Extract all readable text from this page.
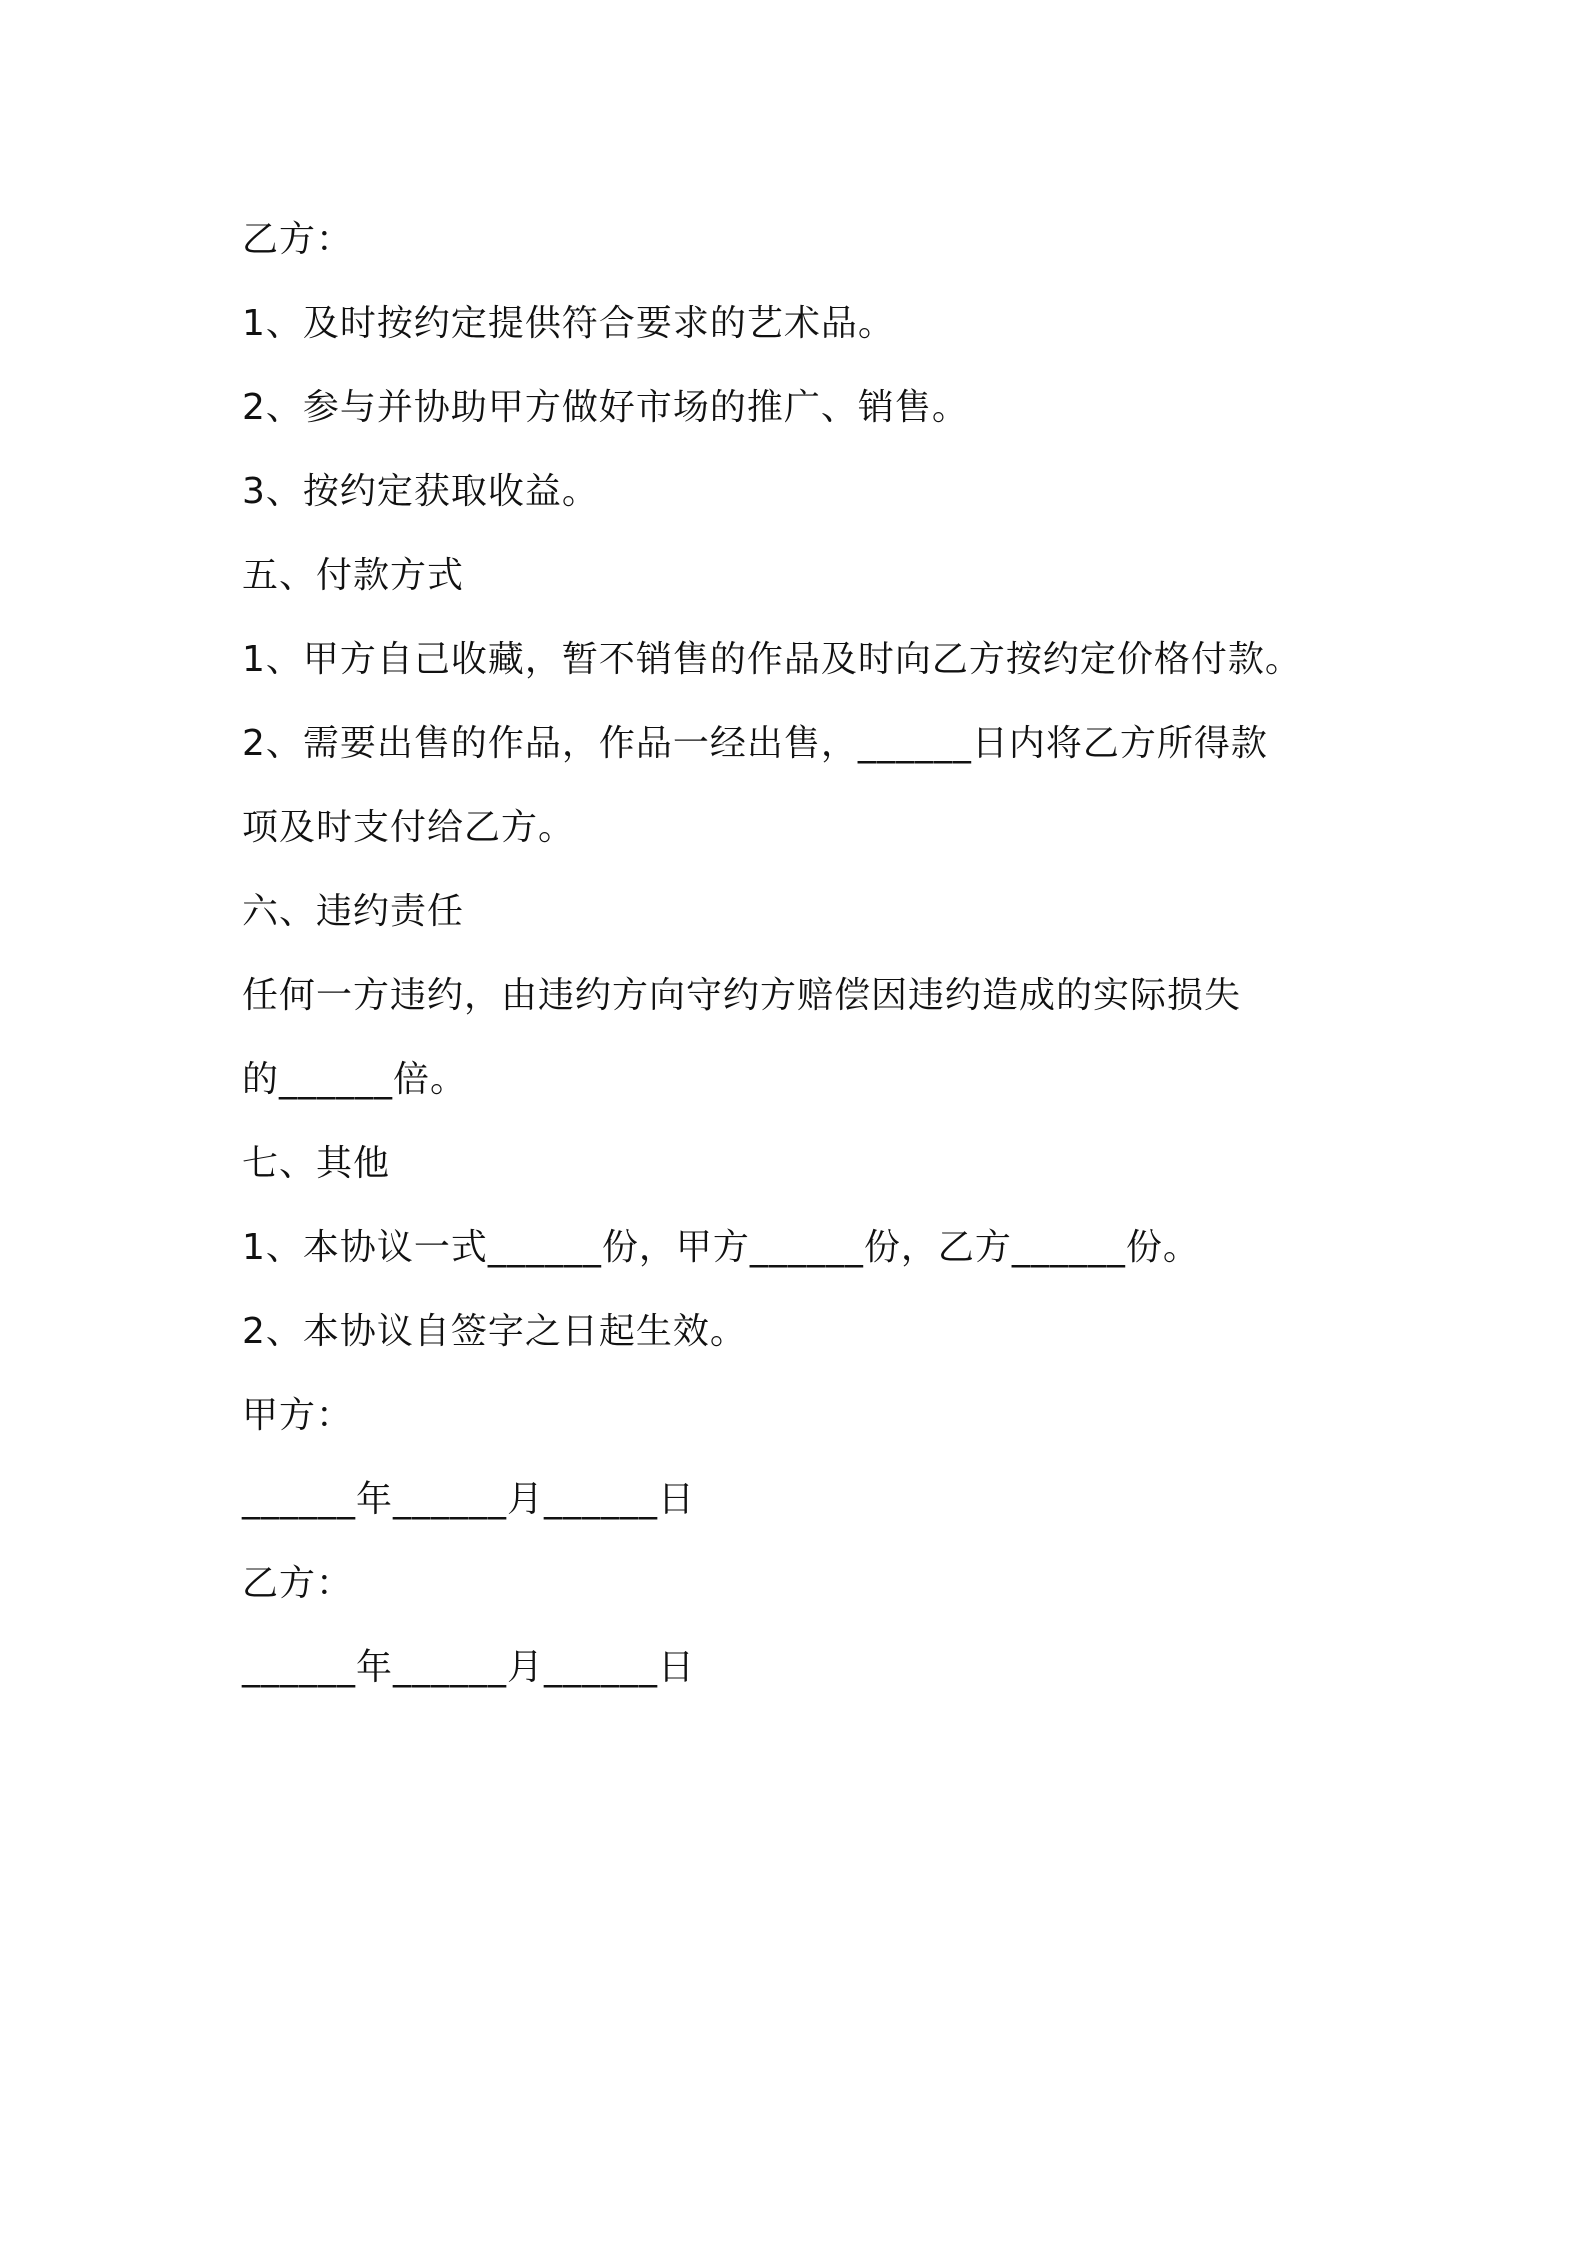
乙方：
1、及时按约定提供符合要求的艺术品。
2、参与并协助甲方做好市场的推广、销售。
3、按约定获取收益。
五、付款方式
1、甲方自己收藏，暂不销售的作品及时向乙方按约定价格付款。
2、需要出售的作品，作品一经出售，______日内将乙方所得款
项及时支付给乙方。
六、违约责任
任何一方违约，由违约方向守约方赔偿因违约造成的实际损失
的______倍。
七、其他
1、本协议一式______份，甲方______份，乙方______份。
2、本协议自签字之日起生效。
甲方：
______年______月______日
乙方：
______年______月______日
